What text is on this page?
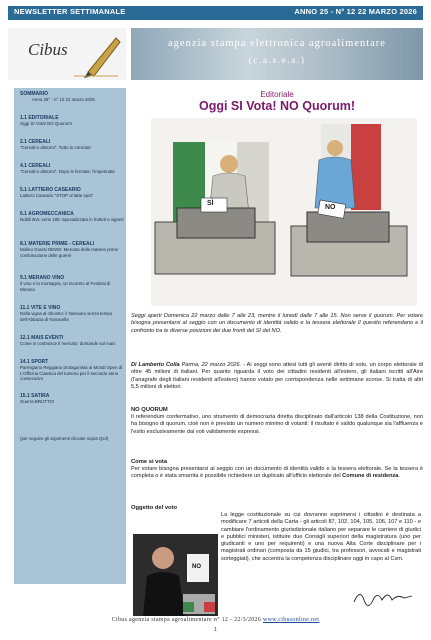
NEWSLETTER SETTIMANALE	ANNO 25 - N° 12 22 MARZO 2026
Cibus	agenzia stampa elettronica agroalimentare
(c.a.s.e.a.)
SOMMARIO
Anno 25° - n° 12 22 marzo 2026
1.1 EDITORIALE
Oggi SI Vota! NO Quorum!
2.1 CEREALI
"Cereali e dintorni". Tutto in crescita!
4.1 CEREALI
"Cereali e dintorni". Dopo le fermate, l'impennata
5.1 LATTIERO CASEARIO
Lattiero Caseario "STOP al latte spot"
6.1 AGROMECCANICA
Nobili BVL serie 105: Specializzata in frutteti e vigneti
8.1 MATERIE PRIME - CEREALI
Molino Grassi NEWS: Mercato delle materie prime combinazione delle guerre
9.1 MERANO VINO
Il vino e la montagna, un incontro al Festival di Merano
11.1 VITE E VINO
Dalla vigna al chiostro: il Nessuno senza tempo dell'Abbazia di Novacella
12.1 MAIS EVENTI
Come si costruisce il mercato: domande sul mais
14.1 SPORT
Parmigiano Reggiano protagonista ai Mondi Open di L'Officina Classica del turismo per il secondo anno consecutivo
15.1 SATIRA
Guerra BRUTTO!
(per seguire gli argomenti cliccate sopra QUI)
Editoriale
Oggi SI Vota! NO Quorum!
SÌ
NO
Seggi aperti Domenica 22 marzo dalle 7 alle 23, mentre il lunedì dalle 7 alle 15. Non serve il quorum. Per votare bisogna presentarsi al seggio con un documento di identità valido e la tessera elettorale Il quesito referendario e il confronto tra le diverse posizioni dei due fronti del SI del NO.
Di Lamberto Colla Parma, 22 marzo 2026. - Ai seggi sono attesi tutti gli aventi diritto di voto, un corpo elettorale di oltre 45 milioni di italiani. Per quanto riguarda il voto dei cittadini residenti all'estero, gli italiani iscritti all'Aire (l'anagrafe degli italiani residenti all'estero) hanno votato per corrispondenza nelle settimane scorse. Si tratta di altri 5,5 milioni di elettori.
NO QUORUM
Il referendum confermativo, uno strumento di democrazia diretta disciplinato dall'articolo 138 della Costituzione, non ha bisogno di quorum, cioè non è previsto un numero minimo di votanti: il risultato è valido qualunque sia l'affluenza e l'esito esclusivamente dai voti validamente espressi.
Come si vota
Per votare bisogna presentarsi al seggio con un documento di identità valido e la tessera elettorale. Se la tessera è completa o è stata smarrita è possibile richiedere un duplicato all'ufficio elettorale del Comune di residenza.
Oggetto del voto
La legge costituzionale su cui dovranno esprimersi i cittadini è destinata a modificare 7 articoli della Carta - gli articoli 87, 102, 104, 105, 106, 107 e 110 - e cambiare l'ordinamento giurisdizionale italiano per separare le carriere di giudici e pubblici ministeri, istituire due Consigli superiori della magistratura (uno per giudicanti e uno per requirenti) e una nuova Alta Corte disciplinare per i magistrati ordinari (composta da 15 giudici, tra professori, avvocati e magistrati sorteggiati), che accentra la competenza disciplinare oggi in capo al Csm.
NO
Cibus agenzia stampa agroalimentare n° 12 - 22/3/2026 www.cibusonline.net
1
